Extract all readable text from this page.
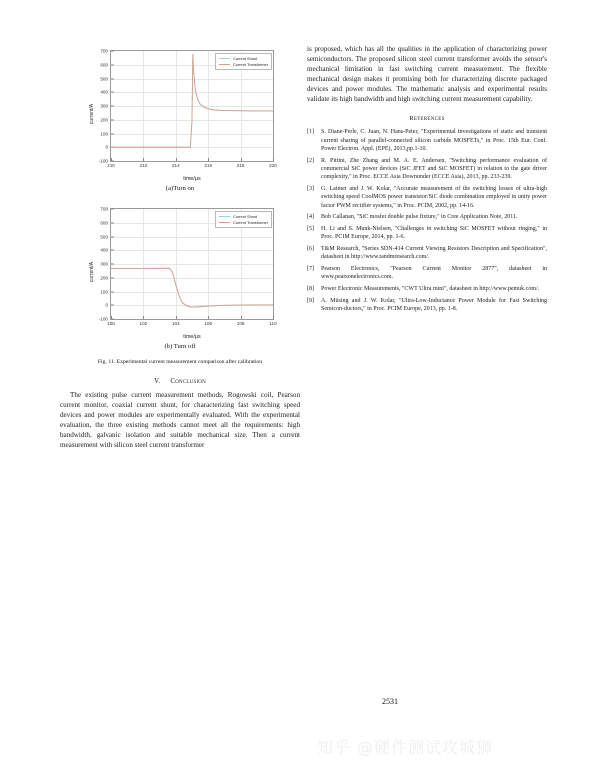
current/A
-100
0
100
200
300
400
500
600
700
210	212	214	216	218	220
time/μs
Current Shunt
Current Transformer
(a)Turn on
current/A
-100
0
100
200
300
400
500
600
700
100	102	104	106	108	110
time/μs
Current Shunt
Current Transformer
(b) Turn off
Fig. 11. Experimental current measurement comparison after calibration
V. Conclusion

The existing pulse current measurement methods, Rogowski coil, Pearson current monitor, coaxial current shunt, for characterizing fast switching speed devices and power modules are experimentally evaluated. With the experimental evaluation, the three existing methods cannot meet all the requirements: high bandwidth, galvanic isolation and suitable mechanical size. Then a current measurement with silicon steel current transformer

is proposed, which has all the qualities in the application of characterizing power semiconductors. The proposed silicon steel current transformer avoids the sensor's mechanical limitation in fast switching current measurement. The flexible mechanical design makes it promising both for characterizing discrete packaged devices and power modules. The mathematic analysis and experimental results validate its high bandwidth and high switching current measurement capability.

References
[1]	S. Diane-Perle, C. Juan, N. Hans-Peter, "Experimental investigations of static and transient current sharing of parallel-connected silicon carbide MOSFETs," in Proc. 15th Eur. Conf. Power Electron. Appl. (EPE), 2013,pp.1-10.
[2]	R. Pittini, Zhe Zhang and M. A. E. Andersen, "Switching performance evaluation of commercial SiC power devices (SiC JFET and SiC MOSFET) in relation to the gate driver complexity," in Proc. ECCE Asia Downunder (ECCE Asia), 2013, pp. 233-239.
[3]	G. Laimer and J. W. Kolar, "Accurate measurement of the switching losses of ultra-high switching speed CoolMOS power transistor/SiC diode combination employed in unity power factor PWM rectifier systems," in Proc. PCIM, 2002, pp. 14-16.
[4]	Bob Callanan, "SiC mosfet double pulse fixture," in Cree Application Note, 2011.
[5]	H. Li and S. Munk-Nielsen, "Challenges in switching SiC MOSFET without ringing," in Proc. PCIM Europe, 2014, pp. 1-6.
[6]	T&M Research, "Series SDN-414 Current Viewing Resistors Description and Specification", datasheet in http://www.tandmresearch.com/.
[7]	Pearson Electronics, "Pearson Current Monitor 2877", datasheet in www.pearsonelectronics.com.
[8]	Power Electronic Measurements, "CWT Ultra mini", datasheet in http://www.pemuk.com/.
[9]	A. Müsing and J. W. Kolar, "Ultra-Low-Inductance Power Module for Fast Switching Semicon-ductors," in Proc. PCIM Europe, 2013, pp. 1-8.
2531
知乎 @硬件测试攻城狮
